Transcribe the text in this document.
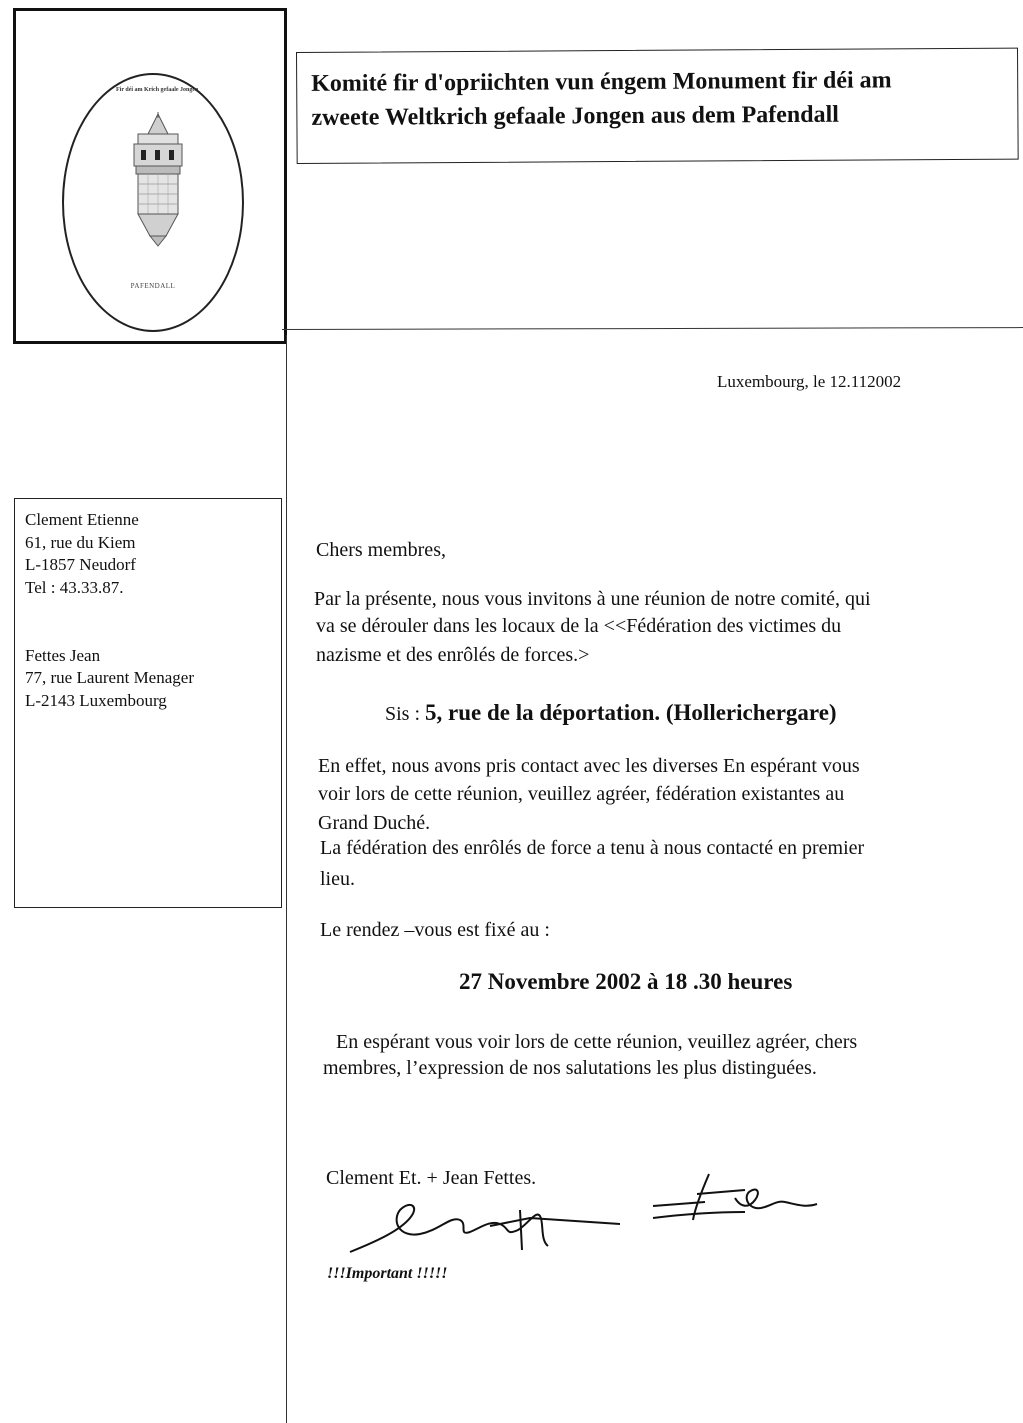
Fir déi am Krich gefaale Jongen
PAFENDALL
Komité fir d'opriichten vun éngem Monument fir déi am
zweete Weltkrich gefaale Jongen aus dem Pafendall
Luxembourg, le 12.112002
Clement Etienne
61, rue du Kiem
L-1857 Neudorf
Tel : 43.33.87.
Fettes Jean
77, rue Laurent Menager
L-2143 Luxembourg
Chers membres,
Par la présente, nous vous invitons à une réunion de notre comité, qui
va se dérouler dans les locaux de la <<Fédération des victimes du
nazisme et des enrôlés de forces.>
Sis : 5, rue de la déportation. (Hollerichergare)
En effet, nous avons pris contact avec les diverses En espérant vous
voir lors de cette réunion, veuillez agréer, fédération existantes au
Grand Duché.
La fédération des enrôlés de force a tenu à nous contacté en premier
lieu.
Le rendez –vous est fixé au :
27 Novembre 2002 à 18 .30 heures
En espérant vous voir lors de cette réunion, veuillez agréer, chers
membres, l’expression de nos salutations les plus distinguées.
Clement Et. + Jean Fettes.
!!!Important !!!!!
